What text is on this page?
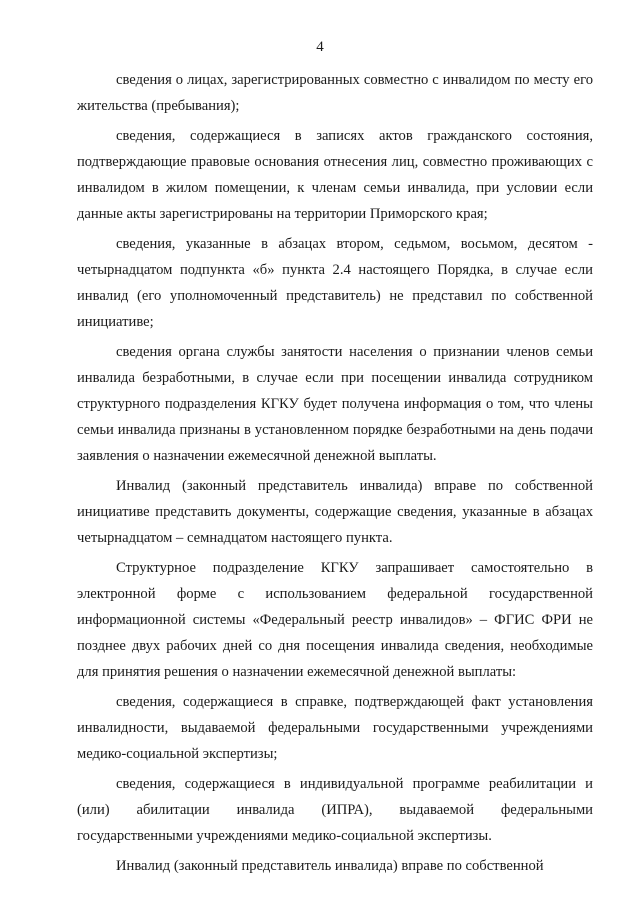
4

сведения о лицах, зарегистрированных совместно с инвалидом по месту его жительства (пребывания);

сведения, содержащиеся в записях актов гражданского состояния, подтверждающие правовые основания отнесения лиц, совместно проживающих с инвалидом в жилом помещении, к членам семьи инвалида, при условии если данные акты зарегистрированы на территории Приморского края;

сведения, указанные в абзацах втором, седьмом, восьмом, десятом - четырнадцатом подпункта «б» пункта 2.4 настоящего Порядка, в случае если инвалид (его уполномоченный представитель) не представил по собственной инициативе;

сведения органа службы занятости населения о признании членов семьи инвалида безработными, в случае если при посещении инвалида сотрудником структурного подразделения КГКУ будет получена информация о том, что члены семьи инвалида признаны в установленном порядке безработными на день подачи заявления о назначении ежемесячной денежной выплаты.

Инвалид (законный представитель инвалида) вправе по собственной инициативе представить документы, содержащие сведения, указанные в абзацах четырнадцатом – семнадцатом настоящего пункта.

Структурное подразделение КГКУ запрашивает самостоятельно в электронной форме с использованием федеральной государственной информационной системы «Федеральный реестр инвалидов» – ФГИС ФРИ не позднее двух рабочих дней со дня посещения инвалида сведения, необходимые для принятия решения о назначении ежемесячной денежной выплаты:

сведения, содержащиеся в справке, подтверждающей факт установления инвалидности, выдаваемой федеральными государственными учреждениями медико-социальной экспертизы;

сведения, содержащиеся в индивидуальной программе реабилитации и (или) абилитации инвалида (ИПРА), выдаваемой федеральными государственными учреждениями медико-социальной экспертизы.

Инвалид (законный представитель инвалида) вправе по собственной
